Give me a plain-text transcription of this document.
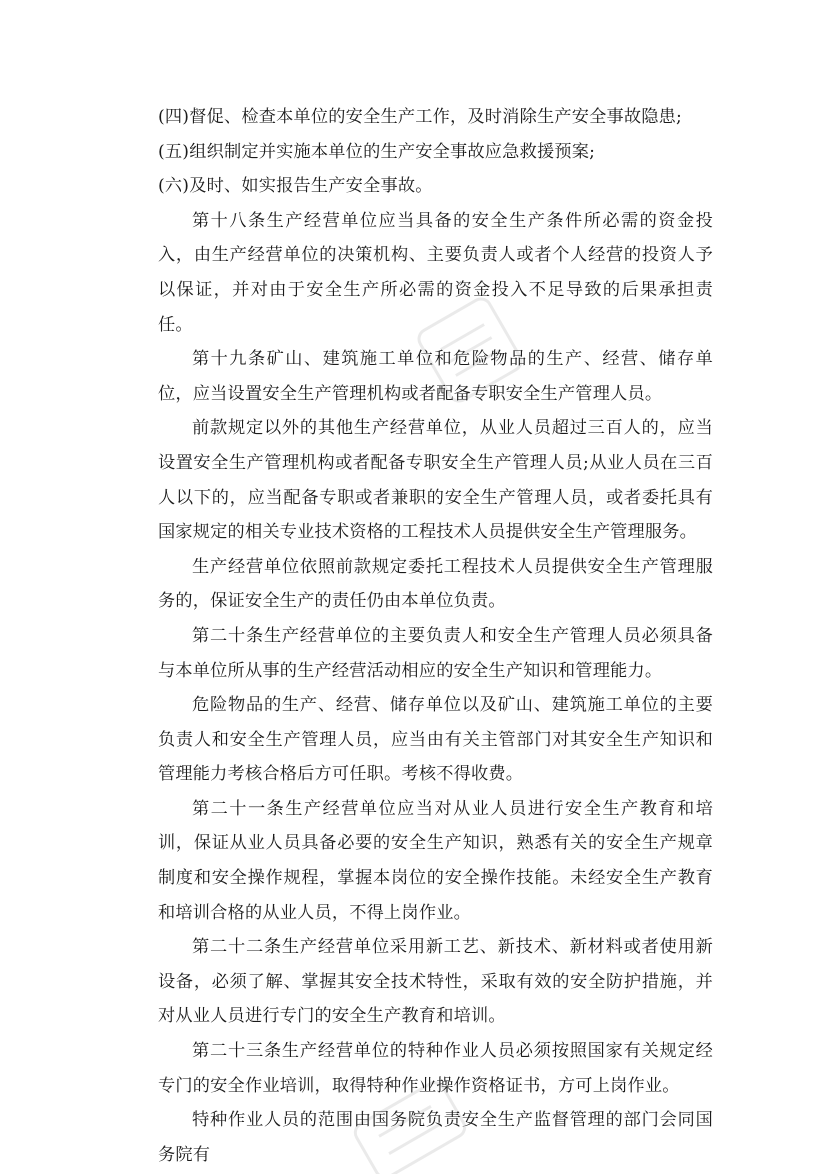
(四)督促、检查本单位的安全生产工作，及时消除生产安全事故隐患;

(五)组织制定并实施本单位的生产安全事故应急救援预案;

(六)及时、如实报告生产安全事故。

第十八条生产经营单位应当具备的安全生产条件所必需的资金投入，由生产经营单位的决策机构、主要负责人或者个人经营的投资人予以保证，并对由于安全生产所必需的资金投入不足导致的后果承担责任。

第十九条矿山、建筑施工单位和危险物品的生产、经营、储存单位，应当设置安全生产管理机构或者配备专职安全生产管理人员。

前款规定以外的其他生产经营单位，从业人员超过三百人的，应当设置安全生产管理机构或者配备专职安全生产管理人员;从业人员在三百人以下的，应当配备专职或者兼职的安全生产管理人员，或者委托具有国家规定的相关专业技术资格的工程技术人员提供安全生产管理服务。

生产经营单位依照前款规定委托工程技术人员提供安全生产管理服务的，保证安全生产的责任仍由本单位负责。

第二十条生产经营单位的主要负责人和安全生产管理人员必须具备与本单位所从事的生产经营活动相应的安全生产知识和管理能力。

危险物品的生产、经营、储存单位以及矿山、建筑施工单位的主要负责人和安全生产管理人员，应当由有关主管部门对其安全生产知识和管理能力考核合格后方可任职。考核不得收费。

第二十一条生产经营单位应当对从业人员进行安全生产教育和培训，保证从业人员具备必要的安全生产知识，熟悉有关的安全生产规章制度和安全操作规程，掌握本岗位的安全操作技能。未经安全生产教育和培训合格的从业人员，不得上岗作业。

第二十二条生产经营单位采用新工艺、新技术、新材料或者使用新设备，必须了解、掌握其安全技术特性，采取有效的安全防护措施，并对从业人员进行专门的安全生产教育和培训。

第二十三条生产经营单位的特种作业人员必须按照国家有关规定经专门的安全作业培训，取得特种作业操作资格证书，方可上岗作业。

特种作业人员的范围由国务院负责安全生产监督管理的部门会同国务院有
